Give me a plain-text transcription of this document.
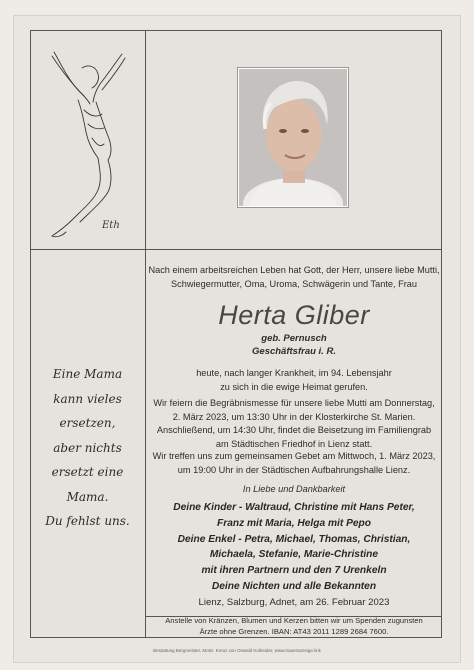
Eth
Nach einem arbeitsreichen Leben hat Gott, der Herr, unsere liebe Mutti,
Schwiegermutter, Oma, Uroma, Schwägerin und Tante, Frau
Herta Gliber
geb. Pernusch
Geschäftsfrau i. R.
heute, nach langer Krankheit, im 94. Lebensjahr
zu sich in die ewige Heimat gerufen.
Wir feiern die Begräbnismesse für unsere liebe Mutti am Donnerstag,
2. März 2023, um 13:30 Uhr in der Klosterkirche St. Marien.
Anschließend, um 14:30 Uhr, findet die Beisetzung im Familiengrab
am Städtischen Friedhof in Lienz statt.
Wir treffen uns zum gemeinsamen Gebet am Mittwoch, 1. März 2023,
um 19:00 Uhr in der Städtischen Aufbahrungshalle Lienz.
In Liebe und Dankbarkeit
Deine Kinder - Waltraud, Christine mit Hans Peter,
Franz mit Maria, Helga mit Pepo
Deine Enkel - Petra, Michael, Thomas, Christian,
Michaela, Stefanie, Marie-Christine
mit ihren Partnern und den 7 Urenkeln
Deine Nichten und alle Bekannten
Lienz, Salzburg, Adnet, am 26. Februar 2023
Anstelle von Kränzen, Blumen und Kerzen bitten wir um Spenden zugunsten
Ärzte ohne Grenzen. IBAN: AT43 2011 1289 2684 7600.
Eine Mama
kann vieles ersetzen,
aber nichts
ersetzt eine Mama.
Du fehlst uns.
Bestattung Bergmeister, Motiv: Kreuz von Oswald Kollreider, www.traueranzeige.link
